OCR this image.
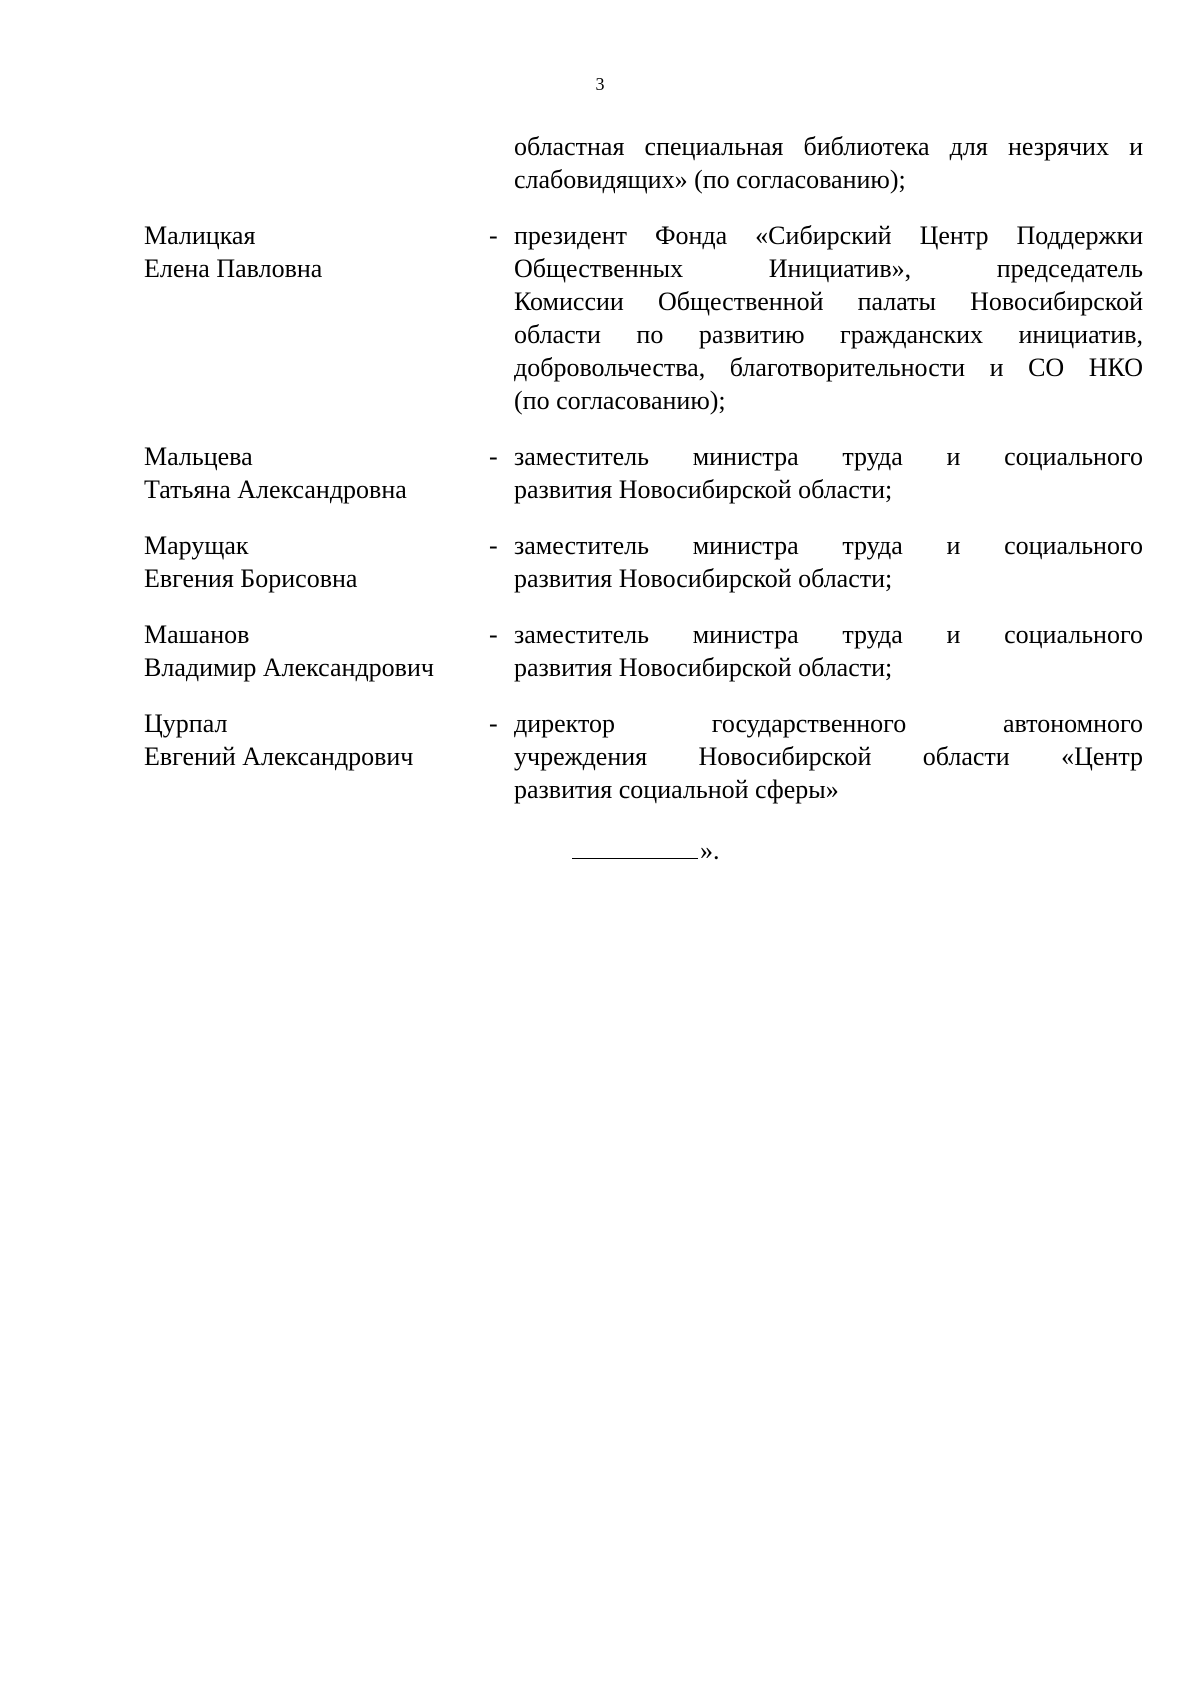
3
областная специальная библиотека для незрячих и
слабовидящих» (по согласованию);
Малицкая
Елена Павловна
- президент Фонда «Сибирский Центр Поддержки
Общественных Инициатив», председатель
Комиссии Общественной палаты Новосибирской
области по развитию гражданских инициатив,
добровольчества, благотворительности и СО НКО
(по согласованию);
Мальцева
Татьяна Александровна
- заместитель министра труда и социального
развития Новосибирской области;
Марущак
Евгения Борисовна
- заместитель министра труда и социального
развития Новосибирской области;
Машанов
Владимир Александрович
- заместитель министра труда и социального
развития Новосибирской области;
Цурпал
Евгений Александрович
- директор государственного автономного
учреждения Новосибирской области «Центр
развития социальной сферы»
».
